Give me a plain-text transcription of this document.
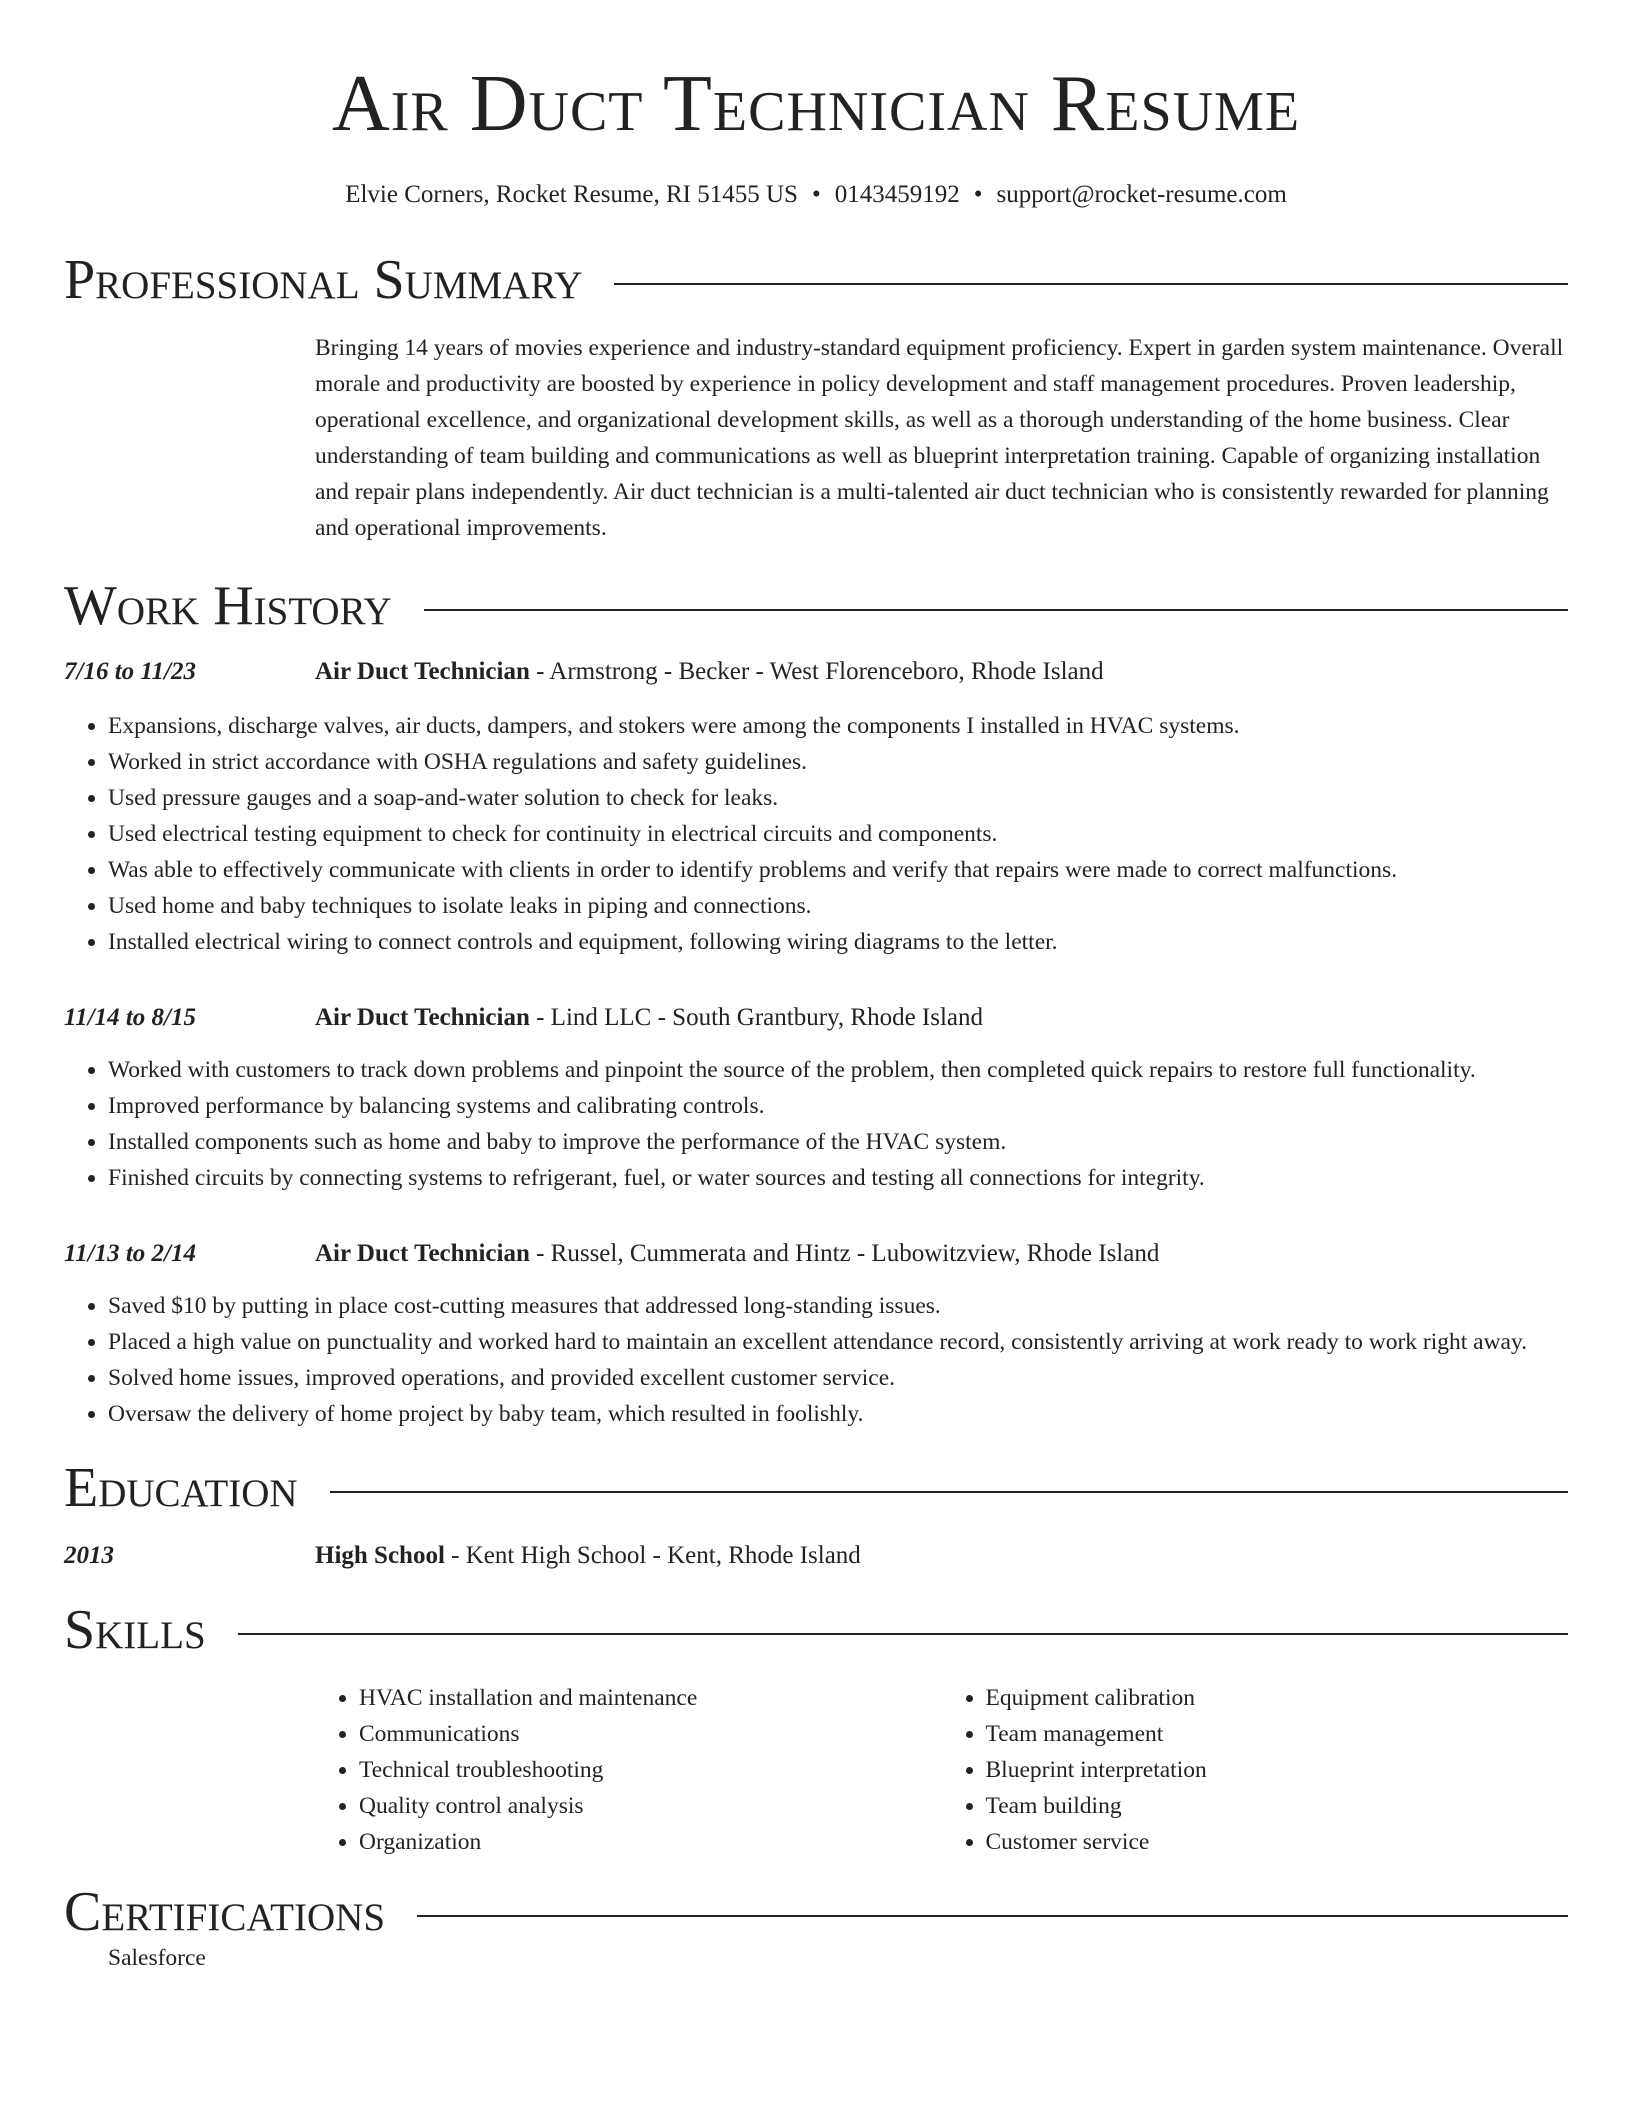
Air Duct Technician Resume
Elvie Corners, Rocket Resume, RI 51455 US • 0143459192 • support@rocket-resume.com
Professional Summary
Bringing 14 years of movies experience and industry-standard equipment proficiency. Expert in garden system maintenance. Overall morale and productivity are boosted by experience in policy development and staff management procedures. Proven leadership, operational excellence, and organizational development skills, as well as a thorough understanding of the home business. Clear understanding of team building and communications as well as blueprint interpretation training. Capable of organizing installation and repair plans independently. Air duct technician is a multi-talented air duct technician who is consistently rewarded for planning and operational improvements.
Work History
7/16 to 11/23	Air Duct Technician - Armstrong - Becker - West Florenceboro, Rhode Island
• Expansions, discharge valves, air ducts, dampers, and stokers were among the components I installed in HVAC systems.
• Worked in strict accordance with OSHA regulations and safety guidelines.
• Used pressure gauges and a soap-and-water solution to check for leaks.
• Used electrical testing equipment to check for continuity in electrical circuits and components.
• Was able to effectively communicate with clients in order to identify problems and verify that repairs were made to correct malfunctions.
• Used home and baby techniques to isolate leaks in piping and connections.
• Installed electrical wiring to connect controls and equipment, following wiring diagrams to the letter.
11/14 to 8/15	Air Duct Technician - Lind LLC - South Grantbury, Rhode Island
• Worked with customers to track down problems and pinpoint the source of the problem, then completed quick repairs to restore full functionality.
• Improved performance by balancing systems and calibrating controls.
• Installed components such as home and baby to improve the performance of the HVAC system.
• Finished circuits by connecting systems to refrigerant, fuel, or water sources and testing all connections for integrity.
11/13 to 2/14	Air Duct Technician - Russel, Cummerata and Hintz - Lubowitzview, Rhode Island
• Saved $10 by putting in place cost-cutting measures that addressed long-standing issues.
• Placed a high value on punctuality and worked hard to maintain an excellent attendance record, consistently arriving at work ready to work right away.
• Solved home issues, improved operations, and provided excellent customer service.
• Oversaw the delivery of home project by baby team, which resulted in foolishly.
Education
2013	High School - Kent High School - Kent, Rhode Island
Skills
• HVAC installation and maintenance
• Communications
• Technical troubleshooting
• Quality control analysis
• Organization
• Equipment calibration
• Team management
• Blueprint interpretation
• Team building
• Customer service
Certifications
Salesforce
